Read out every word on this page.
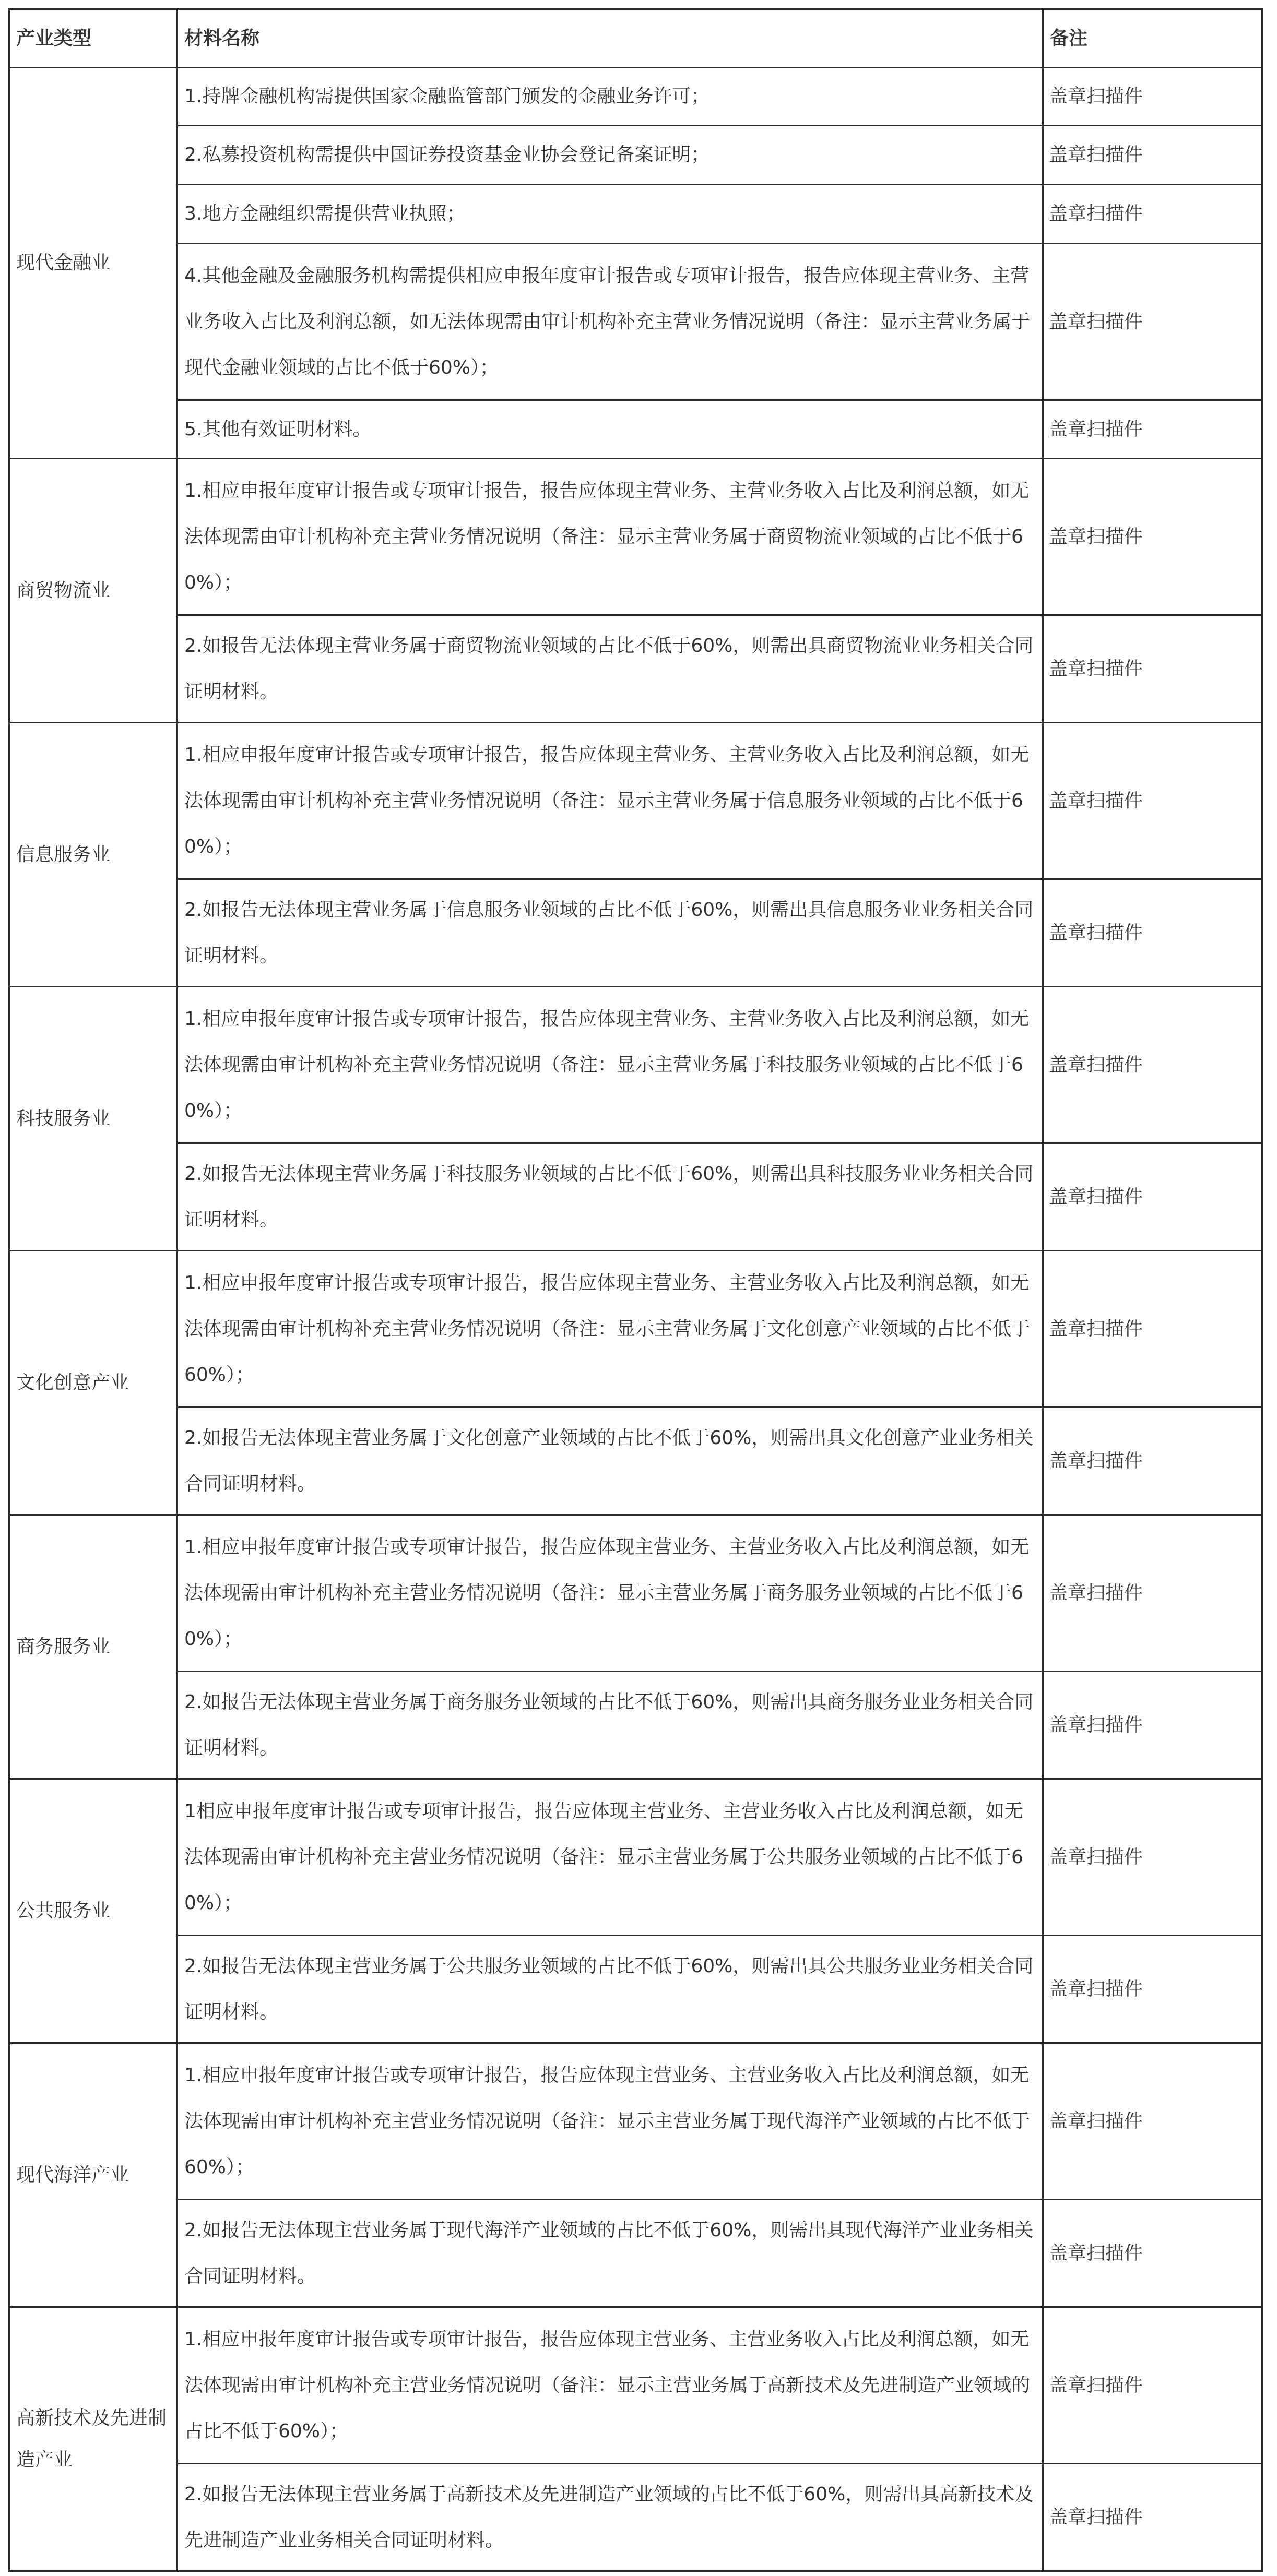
产业类型	材料名称	备注
现代金融业	1.持牌金融机构需提供国家金融监管部门颁发的金融业务许可；	盖章扫描件
	2.私募投资机构需提供中国证券投资基金业协会登记备案证明；	盖章扫描件
	3.地方金融组织需提供营业执照；	盖章扫描件
	4.其他金融及金融服务机构需提供相应申报年度审计报告或专项审计报告，报告应体现主营业务、主营业务收入占比及利润总额，如无法体现需由审计机构补充主营业务情况说明（备注：显示主营业务属于现代金融业领域的占比不低于60%）；	盖章扫描件
	5.其他有效证明材料。	盖章扫描件
商贸物流业	1.相应申报年度审计报告或专项审计报告，报告应体现主营业务、主营业务收入占比及利润总额，如无法体现需由审计机构补充主营业务情况说明（备注：显示主营业务属于商贸物流业领域的占比不低于60%）；	盖章扫描件
	2.如报告无法体现主营业务属于商贸物流业领域的占比不低于60%，则需出具商贸物流业业务相关合同证明材料。	盖章扫描件
信息服务业	1.相应申报年度审计报告或专项审计报告，报告应体现主营业务、主营业务收入占比及利润总额，如无法体现需由审计机构补充主营业务情况说明（备注：显示主营业务属于信息服务业领域的占比不低于60%）；	盖章扫描件
	2.如报告无法体现主营业务属于信息服务业领域的占比不低于60%，则需出具信息服务业业务相关合同证明材料。	盖章扫描件
科技服务业	1.相应申报年度审计报告或专项审计报告，报告应体现主营业务、主营业务收入占比及利润总额，如无法体现需由审计机构补充主营业务情况说明（备注：显示主营业务属于科技服务业领域的占比不低于60%）；	盖章扫描件
	2.如报告无法体现主营业务属于科技服务业领域的占比不低于60%，则需出具科技服务业业务相关合同证明材料。	盖章扫描件
文化创意产业	1.相应申报年度审计报告或专项审计报告，报告应体现主营业务、主营业务收入占比及利润总额，如无法体现需由审计机构补充主营业务情况说明（备注：显示主营业务属于文化创意产业领域的占比不低于60%）；	盖章扫描件
	2.如报告无法体现主营业务属于文化创意产业领域的占比不低于60%，则需出具文化创意产业业务相关合同证明材料。	盖章扫描件
商务服务业	1.相应申报年度审计报告或专项审计报告，报告应体现主营业务、主营业务收入占比及利润总额，如无法体现需由审计机构补充主营业务情况说明（备注：显示主营业务属于商务服务业领域的占比不低于60%）；	盖章扫描件
	2.如报告无法体现主营业务属于商务服务业领域的占比不低于60%，则需出具商务服务业业务相关合同证明材料。	盖章扫描件
公共服务业	1相应申报年度审计报告或专项审计报告，报告应体现主营业务、主营业务收入占比及利润总额，如无法体现需由审计机构补充主营业务情况说明（备注：显示主营业务属于公共服务业领域的占比不低于60%）；	盖章扫描件
	2.如报告无法体现主营业务属于公共服务业领域的占比不低于60%，则需出具公共服务业业务相关合同证明材料。	盖章扫描件
现代海洋产业	1.相应申报年度审计报告或专项审计报告，报告应体现主营业务、主营业务收入占比及利润总额，如无法体现需由审计机构补充主营业务情况说明（备注：显示主营业务属于现代海洋产业领域的占比不低于60%）；	盖章扫描件
	2.如报告无法体现主营业务属于现代海洋产业领域的占比不低于60%，则需出具现代海洋产业业务相关合同证明材料。	盖章扫描件
高新技术及先进制造产业	1.相应申报年度审计报告或专项审计报告，报告应体现主营业务、主营业务收入占比及利润总额，如无法体现需由审计机构补充主营业务情况说明（备注：显示主营业务属于高新技术及先进制造产业领域的占比不低于60%）；	盖章扫描件
	2.如报告无法体现主营业务属于高新技术及先进制造产业领域的占比不低于60%，则需出具高新技术及先进制造产业业务相关合同证明材料。	盖章扫描件
